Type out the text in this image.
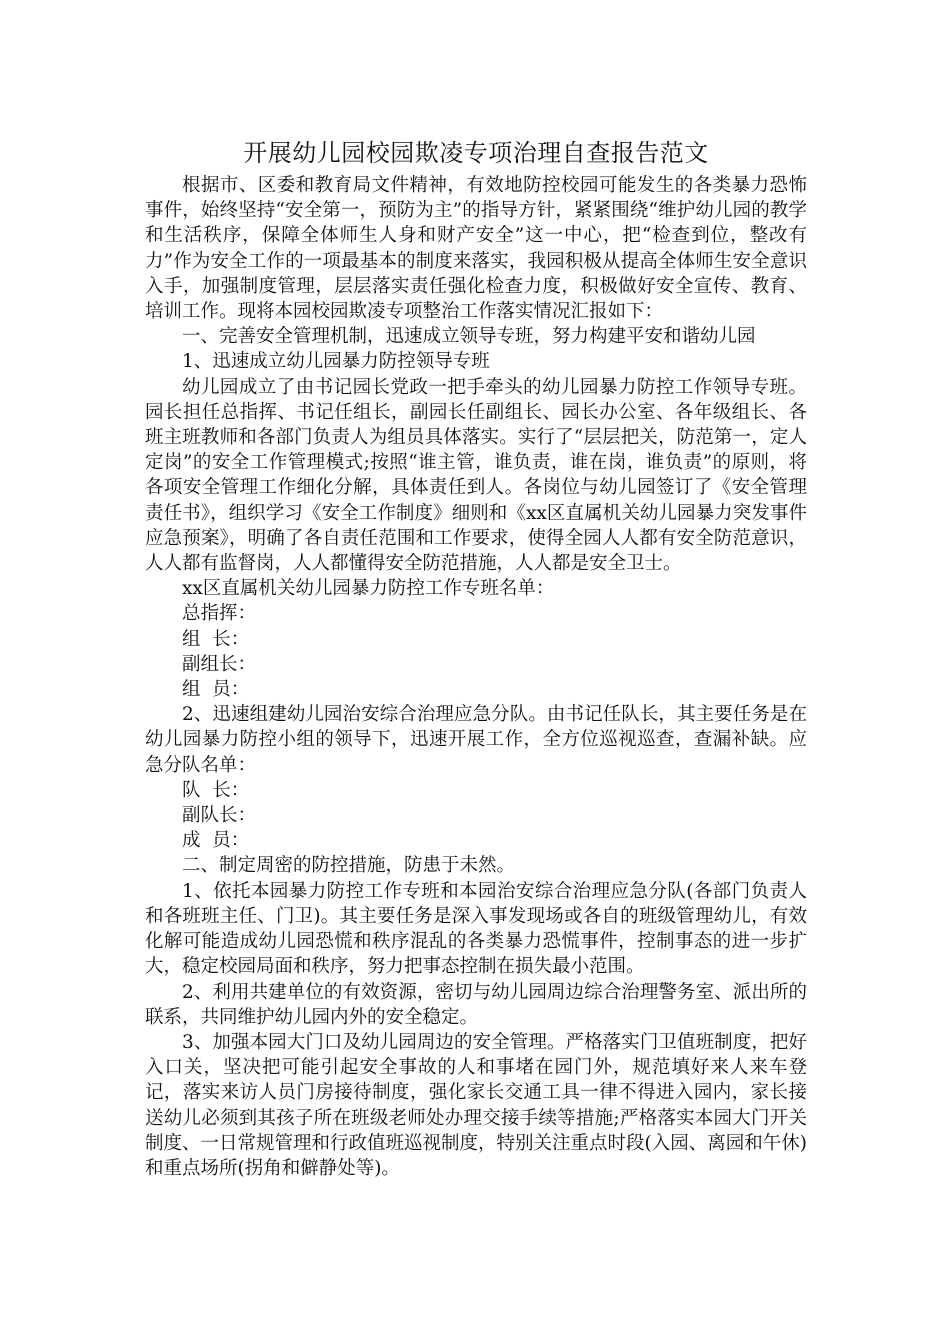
开展幼儿园校园欺凌专项治理自查报告范文

根据市、区委和教育局文件精神，有效地防控校园可能发生的各类暴力恐怖事件，始终坚持“安全第一，预防为主”的指导方针，紧紧围绕“维护幼儿园的教学和生活秩序，保障全体师生人身和财产安全”这一中心，把“检查到位，整改有力”作为安全工作的一项最基本的制度来落实，我园积极从提高全体师生安全意识入手，加强制度管理，层层落实责任强化检查力度，积极做好安全宣传、教育、培训工作。现将本园校园欺凌专项整治工作落实情况汇报如下：

一、完善安全管理机制，迅速成立领导专班，努力构建平安和谐幼儿园

1、迅速成立幼儿园暴力防控领导专班

幼儿园成立了由书记园长党政一把手牵头的幼儿园暴力防控工作领导专班。园长担任总指挥、书记任组长，副园长任副组长、园长办公室、各年级组长、各班主班教师和各部门负责人为组员具体落实。实行了“层层把关，防范第一，定人定岗”的安全工作管理模式;按照“谁主管，谁负责，谁在岗，谁负责”的原则，将各项安全管理工作细化分解，具体责任到人。各岗位与幼儿园签订了《安全管理责任书》，组织学习《安全工作制度》细则和《xx区直属机关幼儿园暴力突发事件应急预案》，明确了各自责任范围和工作要求，使得全园人人都有安全防范意识，人人都有监督岗，人人都懂得安全防范措施，人人都是安全卫士。

xx区直属机关幼儿园暴力防控工作专班名单：

总指挥：

组  长：

副组长：

组  员：

2、迅速组建幼儿园治安综合治理应急分队。由书记任队长，其主要任务是在幼儿园暴力防控小组的领导下，迅速开展工作，全方位巡视巡查，查漏补缺。应急分队名单：

队  长：

副队长：

成  员：

二、制定周密的防控措施，防患于未然。

1、依托本园暴力防控工作专班和本园治安综合治理应急分队(各部门负责人和各班班主任、门卫)。其主要任务是深入事发现场或各自的班级管理幼儿，有效化解可能造成幼儿园恐慌和秩序混乱的各类暴力恐慌事件，控制事态的进一步扩大，稳定校园局面和秩序，努力把事态控制在损失最小范围。

2、利用共建单位的有效资源，密切与幼儿园周边综合治理警务室、派出所的联系，共同维护幼儿园内外的安全稳定。

3、加强本园大门口及幼儿园周边的安全管理。严格落实门卫值班制度，把好入口关，坚决把可能引起安全事故的人和事堵在园门外，规范填好来人来车登记，落实来访人员门房接待制度，强化家长交通工具一律不得进入园内，家长接送幼儿必须到其孩子所在班级老师处办理交接手续等措施;严格落实本园大门开关制度、一日常规管理和行政值班巡视制度，特别关注重点时段(入园、离园和午休)和重点场所(拐角和僻静处等)。
